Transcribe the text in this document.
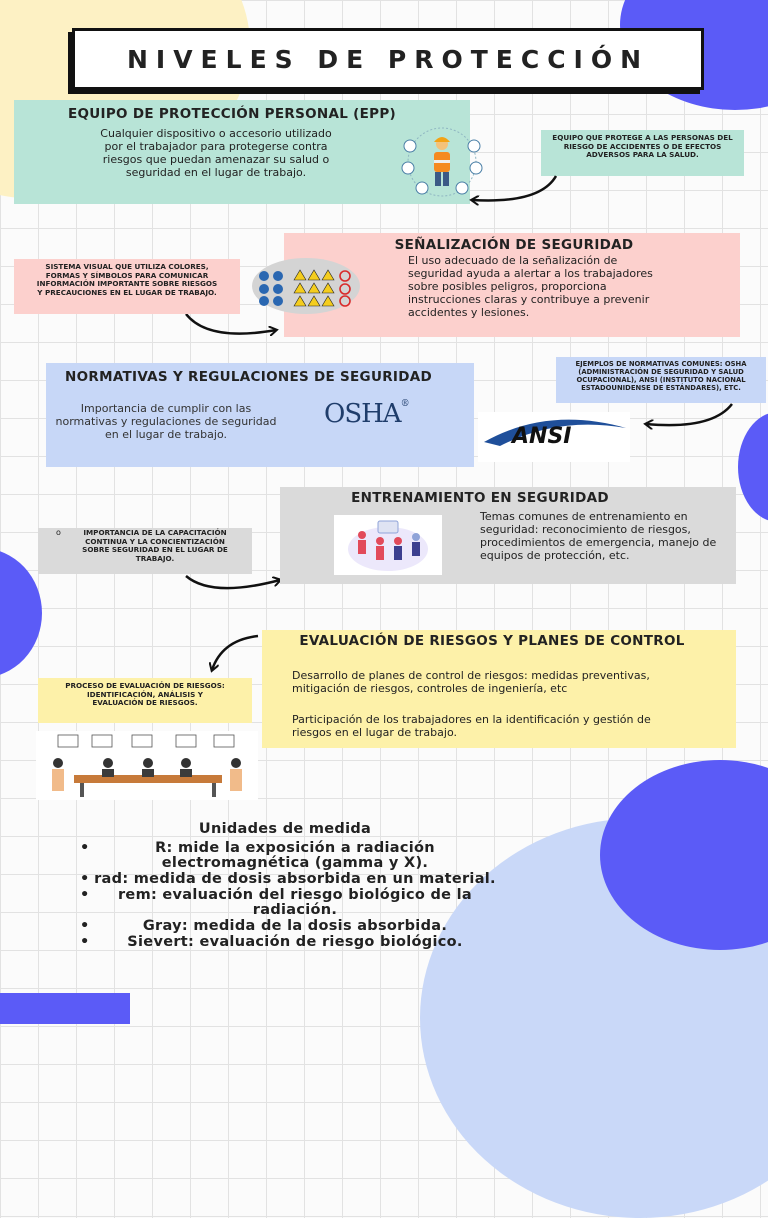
NIVELES DE PROTECCIÓN
EQUIPO DE PROTECCIÓN PERSONAL (EPP)
Cualquier dispositivo o accesorio utilizado por el trabajador para protegerse contra riesgos que puedan amenazar su salud o seguridad en el lugar de trabajo.
EQUIPO QUE PROTEGE A LAS PERSONAS DEL RIESGO DE ACCIDENTES O DE EFECTOS ADVERSOS PARA LA SALUD.
SEÑALIZACIÓN DE SEGURIDAD
El uso adecuado de la señalización de seguridad ayuda a alertar a los trabajadores sobre posibles peligros, proporciona instrucciones claras y contribuye a prevenir accidentes y lesiones.
SISTEMA VISUAL QUE UTILIZA COLORES, FORMAS Y SÍMBOLOS PARA COMUNICAR INFORMACIÓN IMPORTANTE SOBRE RIESGOS Y PRECAUCIONES EN EL LUGAR DE TRABAJO.
NORMATIVAS Y REGULACIONES DE SEGURIDAD
Importancia de cumplir con las normativas y regulaciones de seguridad en el lugar de trabajo.
OSHA®
ANSI
EJEMPLOS DE NORMATIVAS COMUNES: OSHA (ADMINISTRACIÓN DE SEGURIDAD Y SALUD OCUPACIONAL), ANSI (INSTITUTO NACIONAL ESTADOUNIDENSE DE ESTÁNDARES), ETC.
ENTRENAMIENTO EN SEGURIDAD
Temas comunes de entrenamiento en seguridad: reconocimiento de riesgos, procedimientos de emergencia, manejo de equipos de protección, etc.
o	IMPORTANCIA DE LA CAPACITACIÓN CONTINUA Y LA CONCIENTIZACIÓN SOBRE SEGURIDAD EN EL LUGAR DE TRABAJO.
EVALUACIÓN DE RIESGOS Y PLANES DE CONTROL
Desarrollo de planes de control de riesgos: medidas preventivas, mitigación de riesgos, controles de ingeniería, etc
Participación de los trabajadores en la identificación y gestión de riesgos en el lugar de trabajo.
PROCESO DE EVALUACIÓN DE RIESGOS: IDENTIFICACIÓN, ANÁLISIS Y EVALUACIÓN DE RIESGOS.
Unidades de medida
• R: mide la exposición a radiación electromagnética (gamma y X).
• rad: medida de dosis absorbida en un material.
• rem: evaluación del riesgo biológico de la radiación.
• Gray: medida de la dosis absorbida.
• Sievert: evaluación de riesgo biológico.
